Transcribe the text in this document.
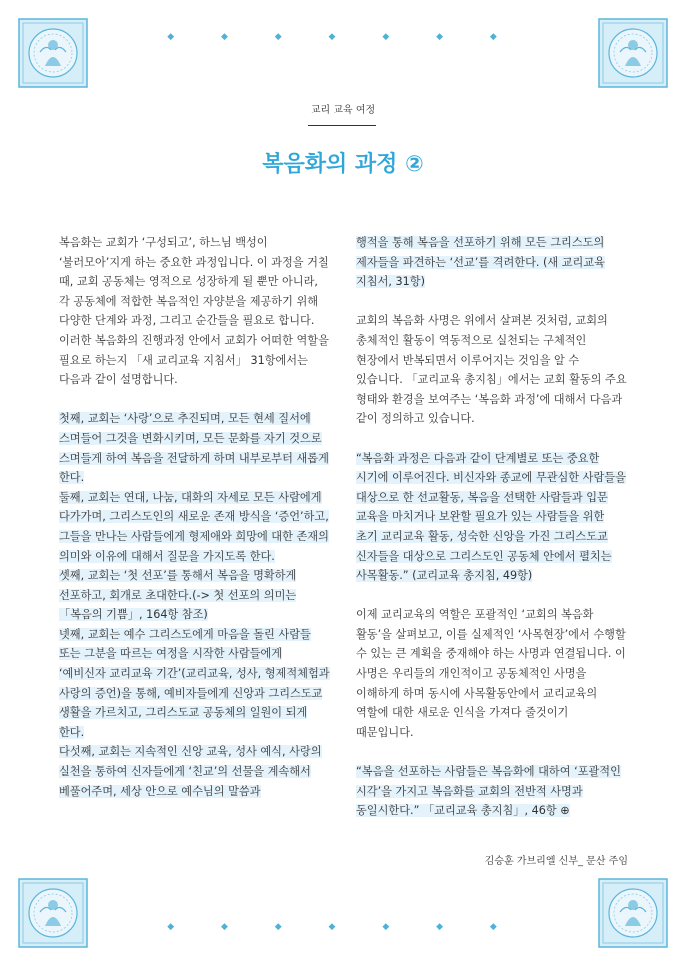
◆ ◆ ◆ ◆ ◆ ◆ ◆
◆ ◆ ◆ ◆ ◆ ◆ ◆
교리 교육 여정
복음화의 과정 ②

복음화는 교회가 ‘구성되고’, 하느님 백성이 ‘불러모아’지게 하는 중요한 과정입니다. 이 과정을 거칠 때, 교회 공동체는 영적으로 성장하게 될 뿐만 아니라, 각 공동체에 적합한 복음적인 자양분을 제공하기 위해 다양한 단계와 과정, 그리고 순간들을 필요로 합니다. 이러한 복음화의 진행과정 안에서 교회가 어떠한 역할을 필요로 하는지 「새 교리교육 지침서」 31항에서는 다음과 같이 설명합니다.

첫째, 교회는 ‘사랑’으로 추진되며, 모든 현세 질서에 스며들어 그것을 변화시키며, 모든 문화를 자기 것으로 스며들게 하여 복음을 전달하게 하며 내부로부터 새롭게 한다.

둘째, 교회는 연대, 나눔, 대화의 자세로 모든 사람에게 다가가며, 그리스도인의 새로운 존재 방식을 ‘증언’하고, 그들을 만나는 사람들에게 형제애와 희망에 대한 존재의 의미와 이유에 대해서 질문을 가지도록 한다.

셋째, 교회는 ‘첫 선포’를 통해서 복음을 명확하게 선포하고, 회개로 초대한다.(-> 첫 선포의 의미는 「복음의 기쁨」, 164항 참조)

넷째, 교회는 예수 그리스도에게 마음을 돌린 사람들 또는 그분을 따르는 여정을 시작한 사람들에게 ‘예비신자 교리교육 기간’(교리교육, 성사, 형제적체험과 사랑의 증언)을 통해, 예비자들에게 신앙과 그리스도교 생활을 가르치고, 그리스도교 공동체의 일원이 되게 한다.

다섯째, 교회는 지속적인 신앙 교육, 성사 예식, 사랑의 실천을 통하여 신자들에게 ‘친교’의 선물을 계속해서 베풀어주며, 세상 안으로 예수님의 말씀과

행적을 통해 복음을 선포하기 위해 모든 그리스도의 제자들을 파견하는 ‘선교’를 격려한다. (새 교리교육 지침서, 31항)

교회의 복음화 사명은 위에서 살펴본 것처럼, 교회의 총체적인 활동이 역동적으로 실천되는 구체적인 현장에서 반복되면서 이루어지는 것임을 알 수 있습니다. 「교리교육 총지침」에서는 교회 활동의 주요 형태와 환경을 보여주는 ‘복음화 과정’에 대해서 다음과 같이 정의하고 있습니다.

“복음화 과정은 다음과 같이 단계별로 또는 중요한 시기에 이루어진다. 비신자와 종교에 무관심한 사람들을 대상으로 한 선교활동, 복음을 선택한 사람들과 입문 교육을 마치거나 보완할 필요가 있는 사람들을 위한 초기 교리교육 활동, 성숙한 신앙을 가진 그리스도교 신자들을 대상으로 그리스도인 공동체 안에서 펼치는 사목활동.” (교리교육 총지침, 49항)

이제 교리교육의 역할은 포괄적인 ‘교회의 복음화 활동’을 살펴보고, 이를 실제적인 ‘사목현장’에서 수행할 수 있는 큰 계획을 중재해야 하는 사명과 연결됩니다. 이 사명은 우리들의 개인적이고 공동체적인 사명을 이해하게 하며 동시에 사목활동안에서 교리교육의 역할에 대한 새로운 인식을 가져다 줄것이기 때문입니다.

“복음을 선포하는 사람들은 복음화에 대하여 ‘포괄적인 시각’을 가지고 복음화를 교회의 전반적 사명과 동일시한다.” 「교리교육 총지침」, 46항 ⊕

김승훈 가브리엘 신부_ 문산 주임
